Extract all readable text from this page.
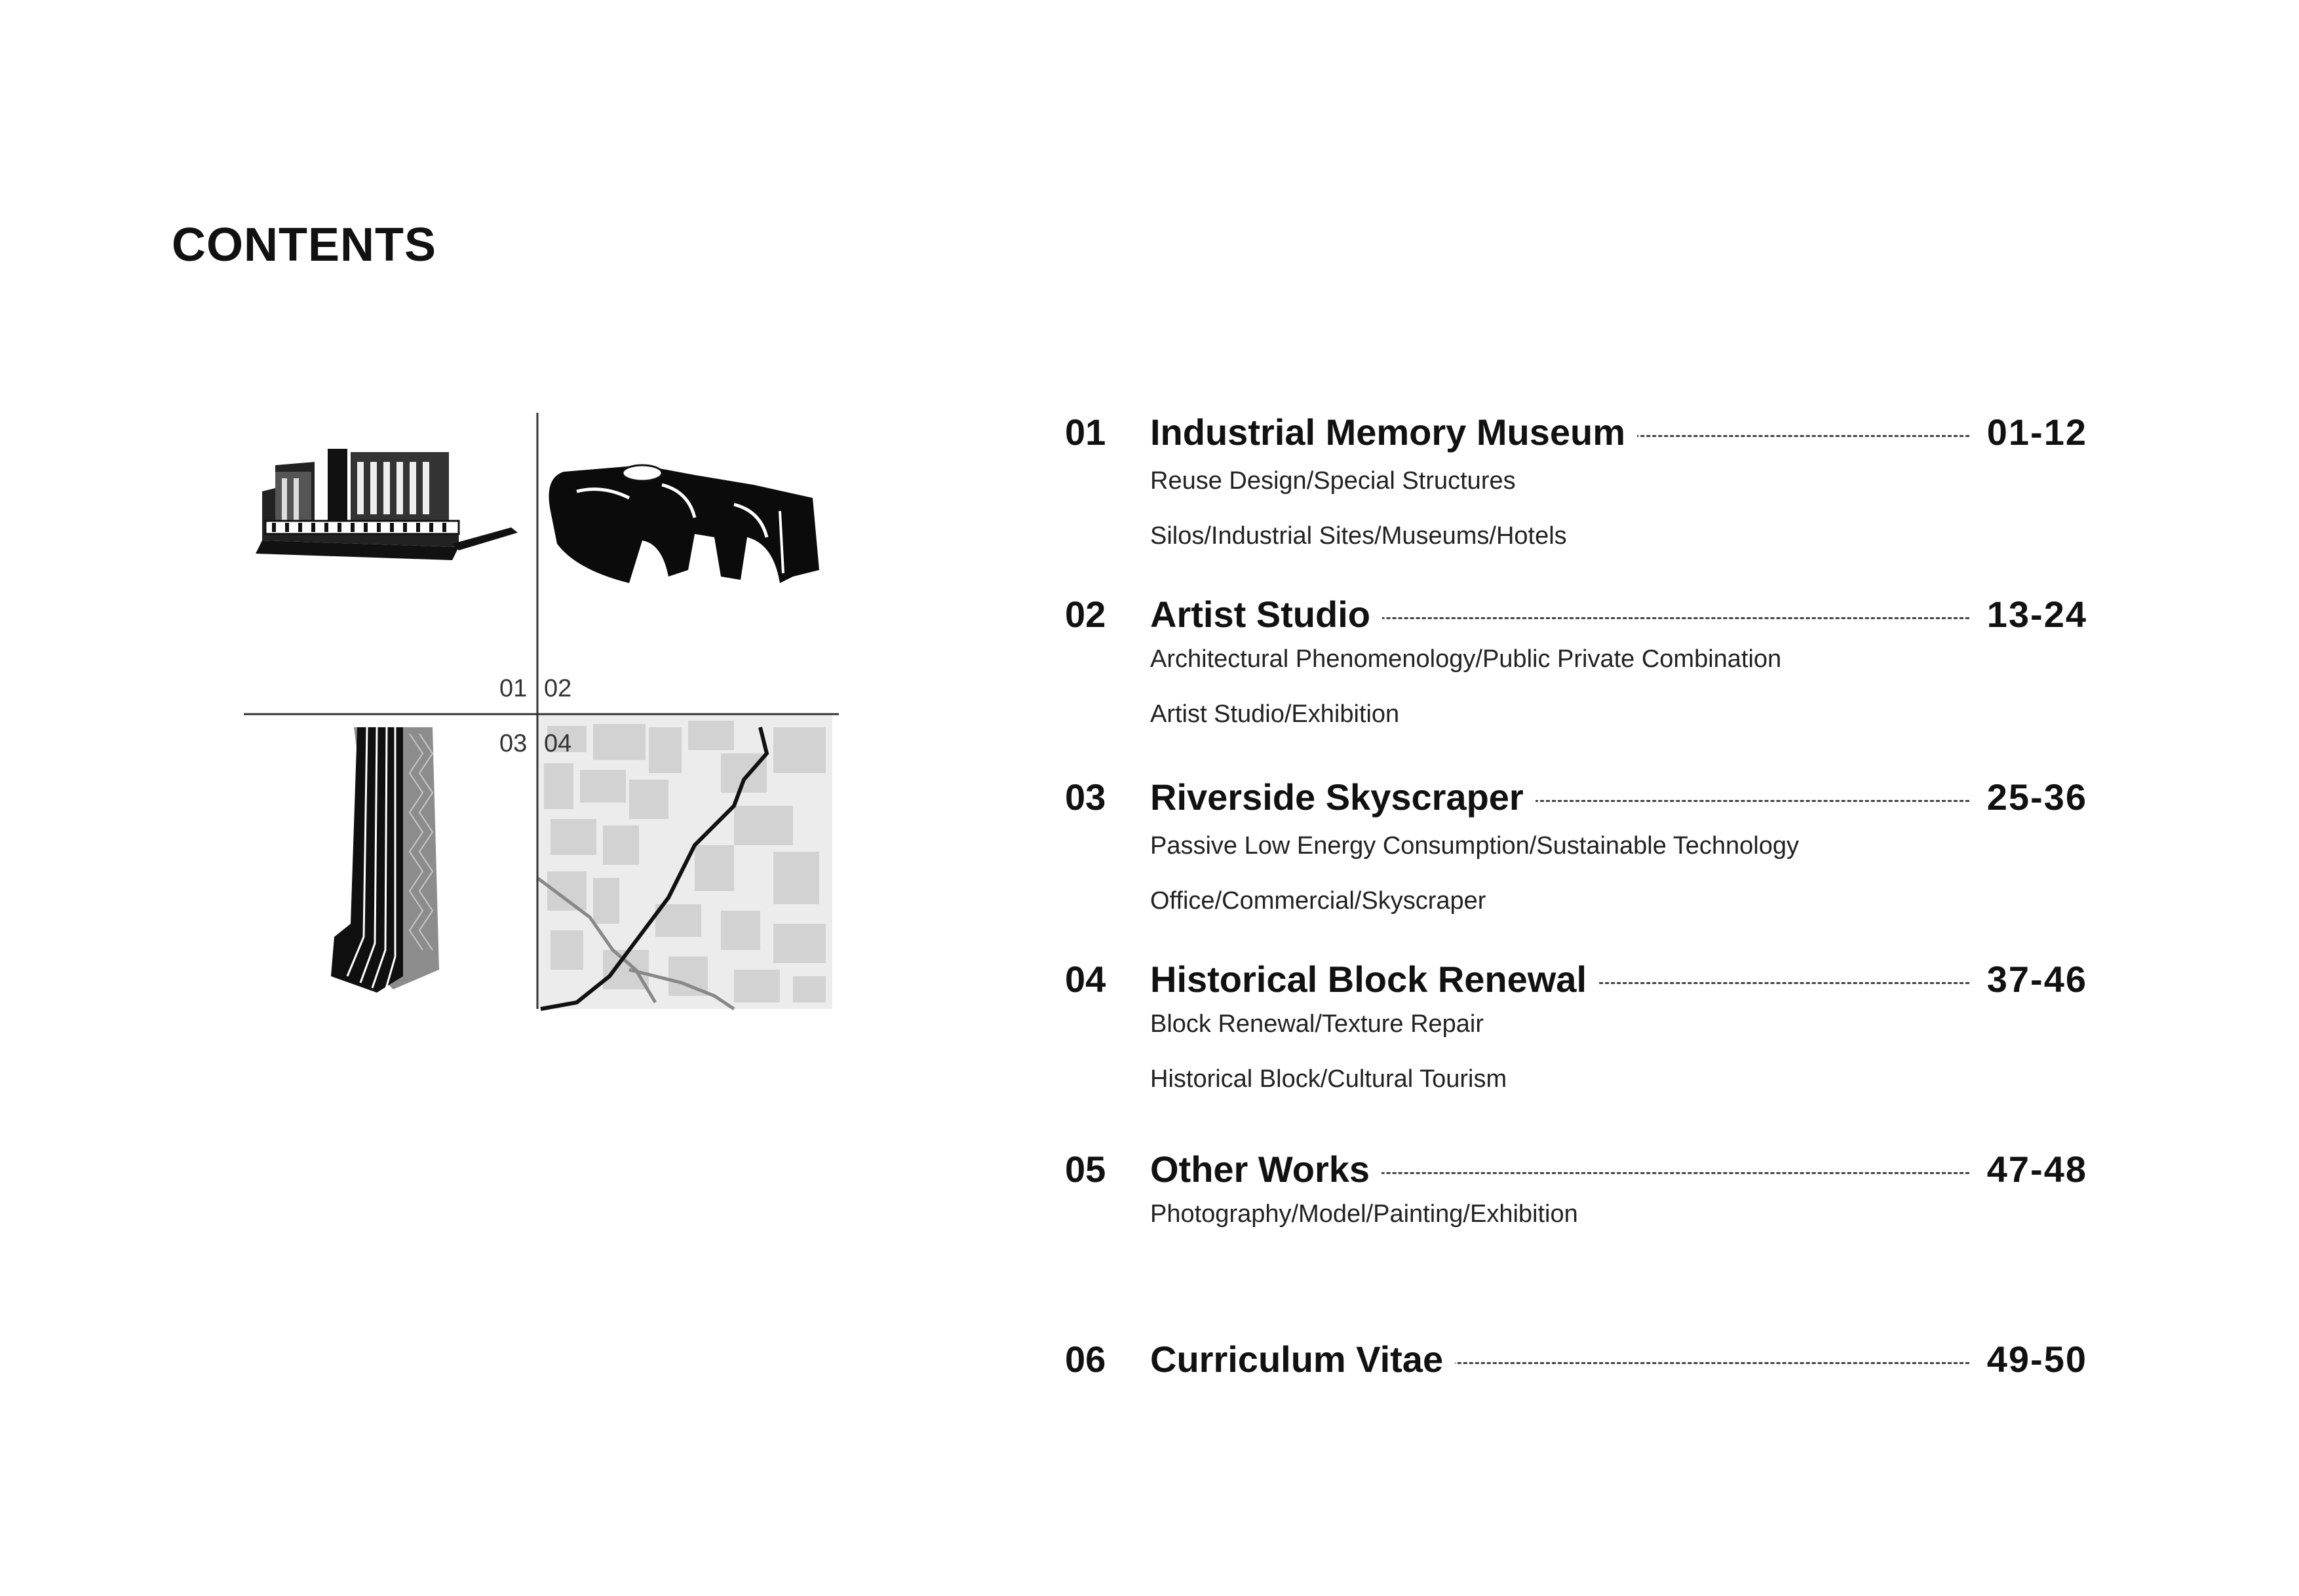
CONTENTS
01 02
03 04
01 Industrial Memory Museum	01-12
Reuse Design/Special Structures
Silos/Industrial Sites/Museums/Hotels
02 Artist Studio	13-24
Architectural Phenomenology/Public Private Combination
Artist Studio/Exhibition
03 Riverside Skyscraper	25-36
Passive Low Energy Consumption/Sustainable Technology
Office/Commercial/Skyscraper
04 Historical Block Renewal	37-46
Block Renewal/Texture Repair
Historical Block/Cultural Tourism
05 Other Works	47-48
Photography/Model/Painting/Exhibition
06 Curriculum Vitae	49-50
